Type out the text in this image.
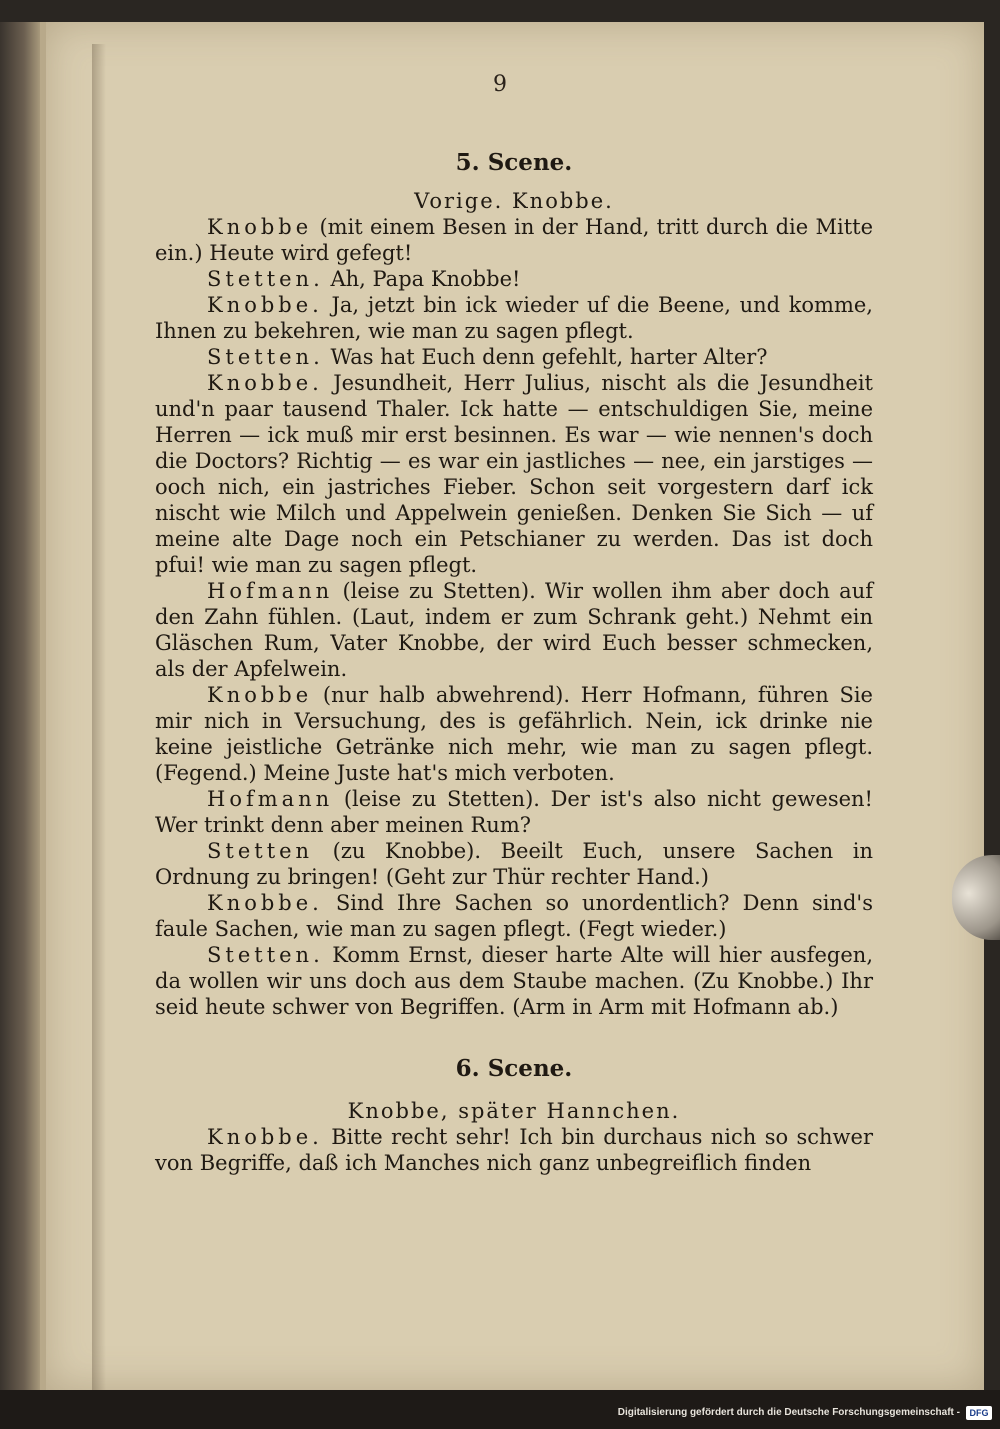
9
5. Scene.
Vorige. Knobbe.

Knobbe (mit einem Besen in der Hand, tritt durch die Mitte ein.) Heute wird gefegt!

Stetten. Ah, Papa Knobbe!

Knobbe. Ja, jetzt bin ick wieder uf die Beene, und komme, Ihnen zu bekehren, wie man zu sagen pflegt.

Stetten. Was hat Euch denn gefehlt, harter Alter?

Knobbe. Jesundheit, Herr Julius, nischt als die Jesundheit und'n paar tausend Thaler. Ick hatte — entschuldigen Sie, meine Herren — ick muß mir erst besinnen. Es war — wie nennen's doch die Doctors? Richtig — es war ein jastliches — nee, ein jarstiges — ooch nich, ein jastriches Fieber. Schon seit vorgestern darf ick nischt wie Milch und Appelwein genießen. Denken Sie Sich — uf meine alte Dage noch ein Petschianer zu werden. Das ist doch pfui! wie man zu sagen pflegt.

Hofmann (leise zu Stetten). Wir wollen ihm aber doch auf den Zahn fühlen. (Laut, indem er zum Schrank geht.) Nehmt ein Gläschen Rum, Vater Knobbe, der wird Euch besser schmecken, als der Apfelwein.

Knobbe (nur halb abwehrend). Herr Hofmann, führen Sie mir nich in Versuchung, des is gefährlich. Nein, ick drinke nie keine jeistliche Getränke nich mehr, wie man zu sagen pflegt. (Fegend.) Meine Juste hat's mich verboten.

Hofmann (leise zu Stetten). Der ist's also nicht gewesen! Wer trinkt denn aber meinen Rum?

Stetten (zu Knobbe). Beeilt Euch, unsere Sachen in Ordnung zu bringen! (Geht zur Thür rechter Hand.)

Knobbe. Sind Ihre Sachen so unordentlich? Denn sind's faule Sachen, wie man zu sagen pflegt. (Fegt wieder.)

Stetten. Komm Ernst, dieser harte Alte will hier ausfegen, da wollen wir uns doch aus dem Staube machen. (Zu Knobbe.) Ihr seid heute schwer von Begriffen. (Arm in Arm mit Hofmann ab.)

6. Scene.
Knobbe, später Hannchen.

Knobbe. Bitte recht sehr! Ich bin durchaus nich so schwer von Begriffe, daß ich Manches nich ganz unbegreiflich finden

Digitalisierung gefördert durch die Deutsche Forschungsgemeinschaft -	DFG
